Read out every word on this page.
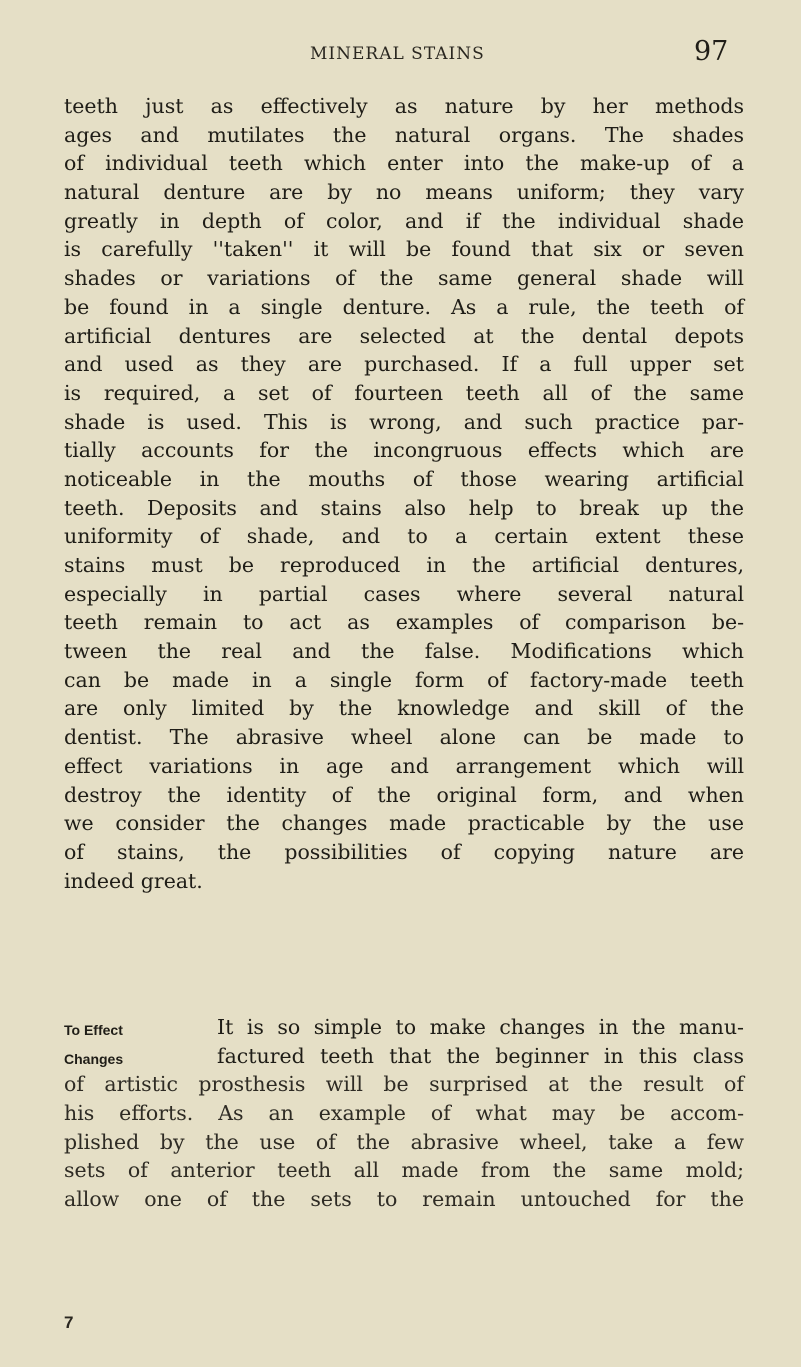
MINERAL STAINS	97
teeth just as effectively as nature by her methods
ages and mutilates the natural organs. The shades
of individual teeth which enter into the make-up of a
natural denture are by no means uniform; they vary
greatly in depth of color, and if the individual shade
is carefully ''taken'' it will be found that six or seven
shades or variations of the same general shade will
be found in a single denture. As a rule, the teeth of
artificial dentures are selected at the dental depots
and used as they are purchased. If a full upper set
is required, a set of fourteen teeth all of the same
shade is used. This is wrong, and such practice par-
tially accounts for the incongruous effects which are
noticeable in the mouths of those wearing artificial
teeth. Deposits and stains also help to break up the
uniformity of shade, and to a certain extent these
stains must be reproduced in the artificial dentures,
especially in partial cases where several natural
teeth remain to act as examples of comparison be-
tween the real and the false. Modifications which
can be made in a single form of factory-made teeth
are only limited by the knowledge and skill of the
dentist. The abrasive wheel alone can be made to
effect variations in age and arrangement which will
destroy the identity of the original form, and when
we consider the changes made practicable by the use
of stains, the possibilities of copying nature are
indeed great.
To Effect
Changes
It is so simple to make changes in the manu-
factured teeth that the beginner in this class
of artistic prosthesis will be surprised at the result of
his efforts. As an example of what may be accom-
plished by the use of the abrasive wheel, take a few
sets of anterior teeth all made from the same mold;
allow one of the sets to remain untouched for the
7
